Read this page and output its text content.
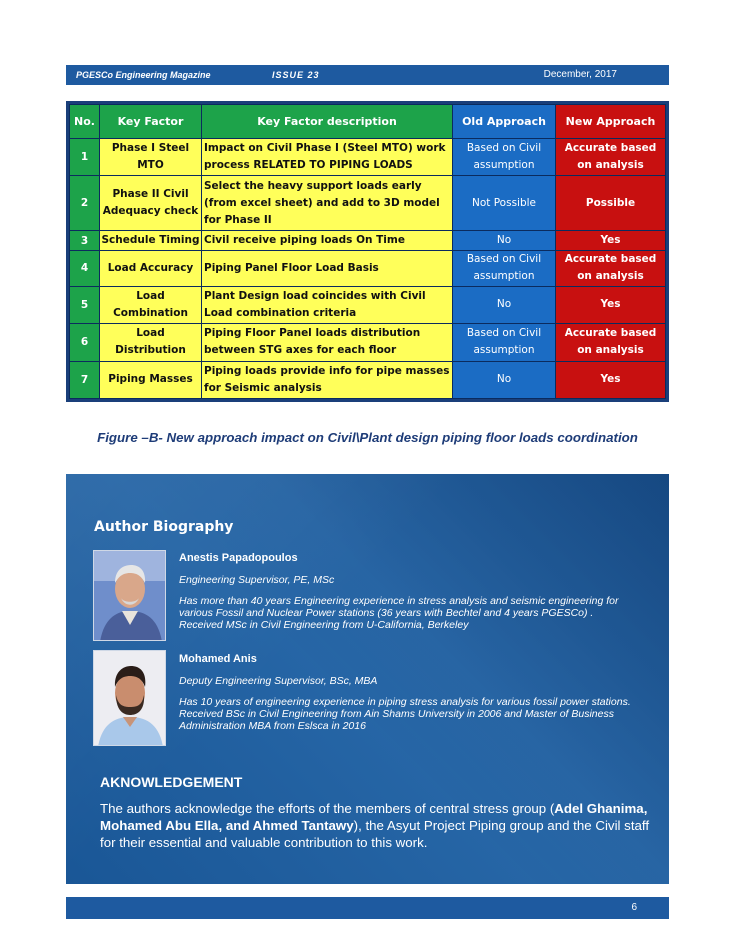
PGESCo Engineering Magazine	ISSUE 23	December, 2017
No.	Key Factor	Key Factor description	Old Approach	New Approach
1	Phase I Steel MTO	Impact on Civil Phase I (Steel MTO) work process RELATED TO PIPING LOADS	Based on Civil assumption	Accurate based on analysis
2	Phase II Civil Adequacy check	Select the heavy support loads early (from excel sheet) and add to 3D model for Phase II	Not Possible	Possible
3	Schedule Timing	Civil receive piping loads On Time	No	Yes
4	Load Accuracy	Piping Panel Floor Load Basis	Based on Civil assumption	Accurate based on analysis
5	Load Combination	Plant Design load coincides with Civil Load combination criteria	No	Yes
6	Load Distribution	Piping Floor Panel loads distribution between STG axes for each floor	Based on Civil assumption	Accurate based on analysis
7	Piping Masses	Piping loads provide info for pipe masses for Seismic analysis	No	Yes
Figure –B- New approach impact on Civil\Plant design piping floor loads coordination
Author Biography
Anestis Papadopoulos
Engineering Supervisor, PE, MSc
Has more than 40 years Engineering experience in stress analysis and seismic engineering for various Fossil and Nuclear Power stations (36 years with Bechtel and 4 years PGESCo) . Received MSc in Civil Engineering from U-California, Berkeley
Mohamed Anis
Deputy Engineering Supervisor, BSc, MBA
Has 10 years of engineering experience in piping stress analysis for various fossil power stations. Received BSc in Civil Engineering from Ain Shams University in 2006 and Master of Business Administration MBA from Eslsca in 2016
AKNOWLEDGEMENT
The authors acknowledge the efforts of the members of central stress group (Adel Ghanima, Mohamed Abu Ella, and Ahmed Tantawy), the Asyut Project Piping group and the Civil staff for their essential and valuable contribution to this work.
6
